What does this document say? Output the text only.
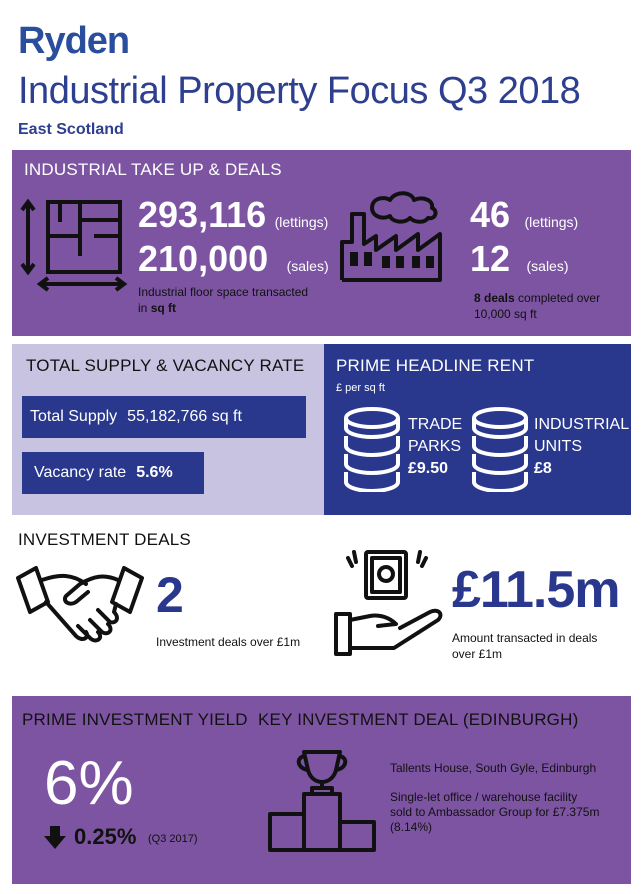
Ryden
Industrial Property Focus Q3 2018
East Scotland
INDUSTRIAL TAKE UP & DEALS
293,116 (lettings)
210,000 (sales)
Industrial floor space transacted
in sq ft
46 (lettings)
12 (sales)
8 deals completed over
10,000 sq ft
TOTAL SUPPLY & VACANCY RATE
Total Supply 55,182,766 sq ft
Vacancy rate 5.6%
PRIME HEADLINE RENT
£ per sq ft
TRADE
PARKS
£9.50
INDUSTRIAL
UNITS
£8
INVESTMENT DEALS
2
Investment deals over £1m
£11.5m
Amount transacted in deals
over £1m
PRIME INVESTMENT YIELD
6%
0.25% (Q3 2017)
KEY INVESTMENT DEAL (EDINBURGH)
Tallents House, South Gyle, Edinburgh
Single-let office / warehouse facility
sold to Ambassador Group for £7.375m
(8.14%)
